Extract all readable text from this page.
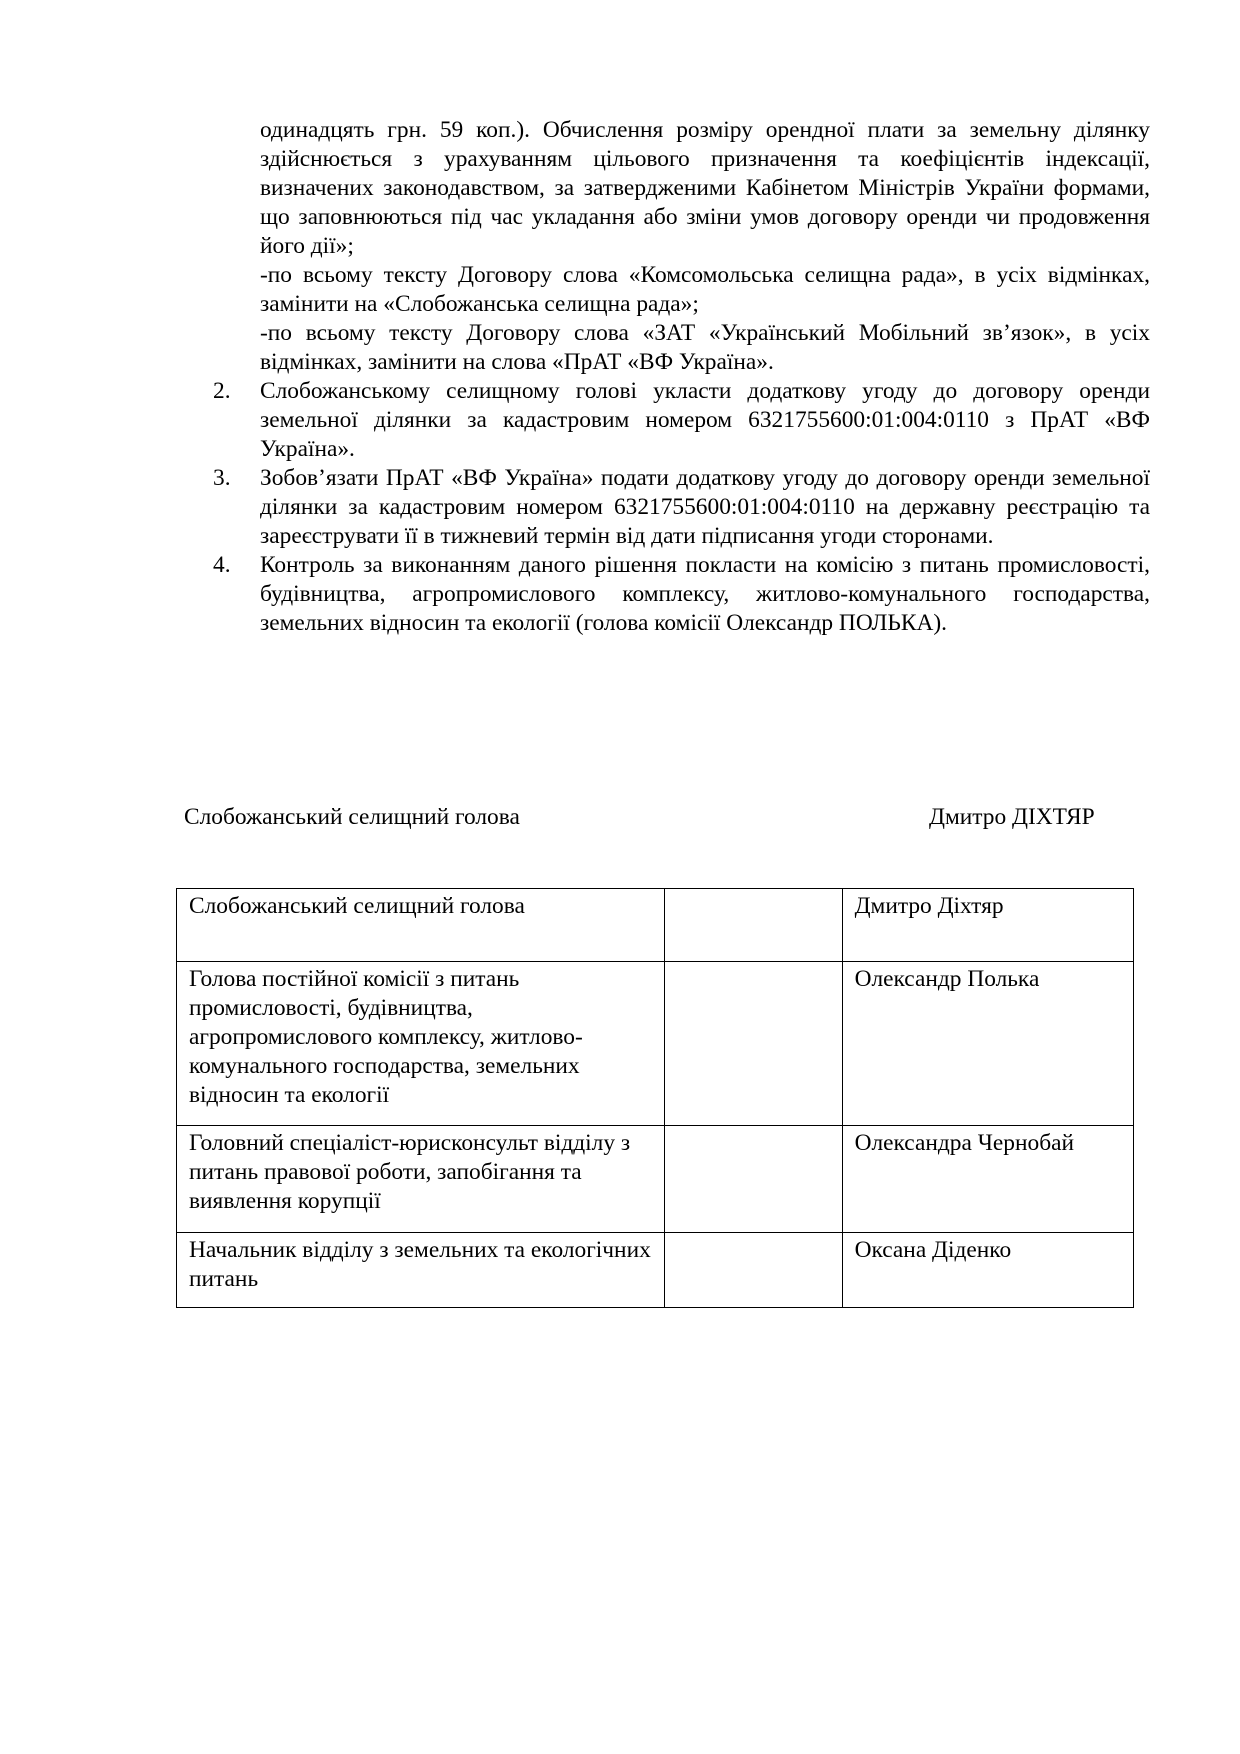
одинадцять грн. 59 коп.). Обчислення розміру орендної плати за земельну ділянку здійснюється з урахуванням цільового призначення та коефіцієнтів індексації, визначених законодавством, за затвердженими Кабінетом Міністрів України формами, що заповнюються під час укладання або зміни умов договору оренди чи продовження його дії»;

-по всьому тексту Договору слова «Комсомольська селищна рада», в усіх відмінках, замінити на «Слобожанська селищна рада»;

-по всьому тексту Договору слова «ЗАТ «Український Мобільний зв’язок», в усіх відмінках, замінити на слова «ПрАТ «ВФ Україна».

2.	Слобожанському селищному голові укласти додаткову угоду до договору оренди земельної ділянки за кадастровим номером 6321755600:01:004:0110 з ПрАТ «ВФ Україна».
3.	Зобов’язати ПрАТ «ВФ Україна» подати додаткову угоду до договору оренди земельної ділянки за кадастровим номером 6321755600:01:004:0110 на державну реєстрацію та зареєструвати її в тижневий термін від дати підписання угоди сторонами.
4.	Контроль за виконанням даного рішення покласти на комісію з питань промисловості, будівництва, агропромислового комплексу, житлово-комунального господарства, земельних відносин та екології (голова комісії Олександр ПОЛЬКА).
Слобожанський селищний голова	Дмитро ДІХТЯР
Слобожанський селищний голова		Дмитро Діхтяр
Голова постійної комісії з питань промисловості, будівництва, агропромислового комплексу, житлово-комунального господарства, земельних відносин та екології		Олександр Полька
Головний спеціаліст-юрисконсульт відділу з питань правової роботи, запобігання та виявлення корупції		Олександра Чернобай
Начальник відділу з земельних та екологічних питань		Оксана Діденко
